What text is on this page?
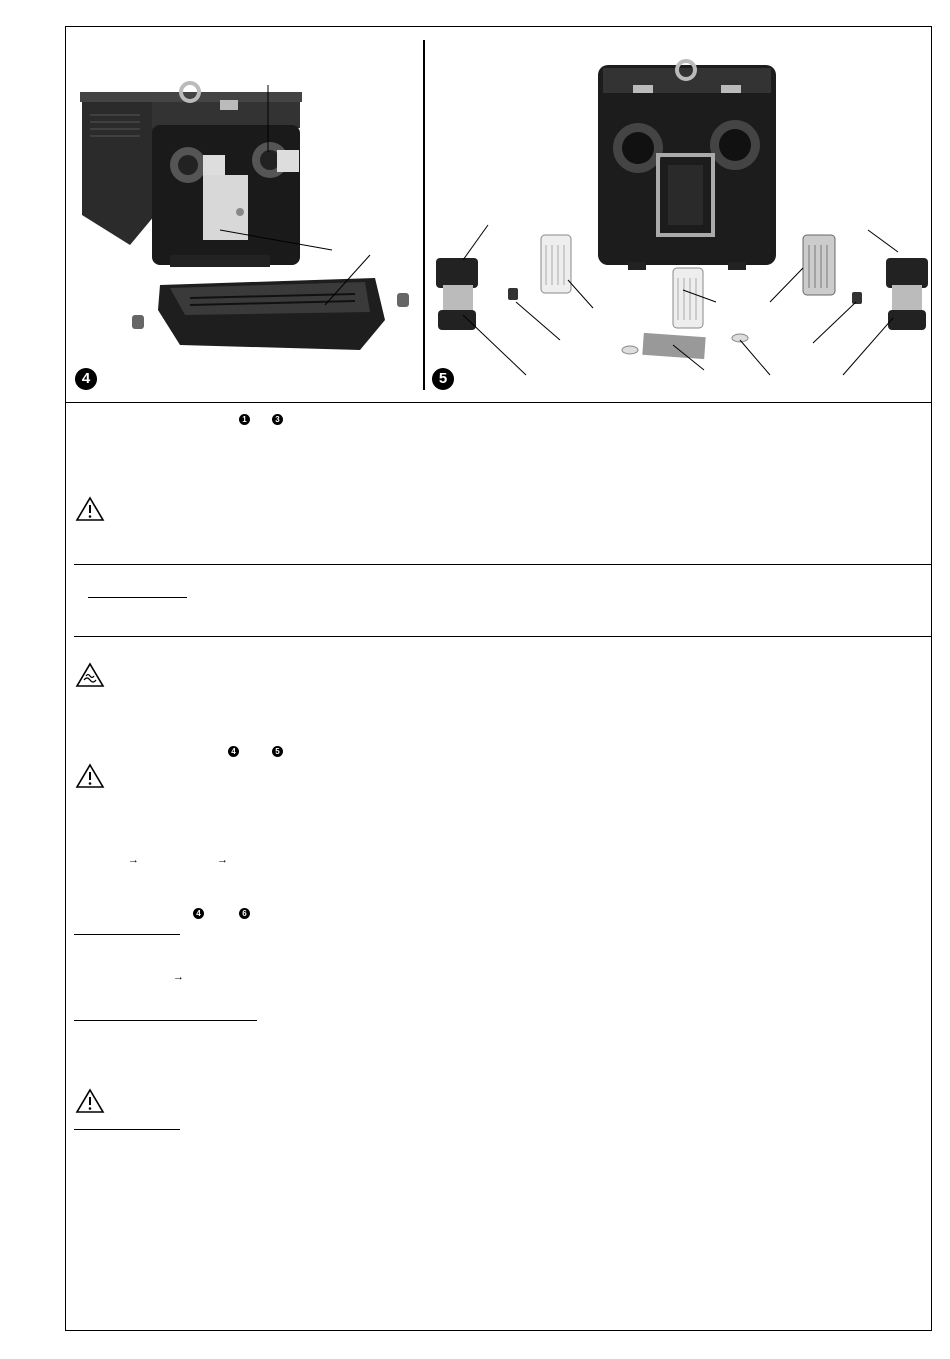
4	5
1	3
4	5
→	→
4	6
→
